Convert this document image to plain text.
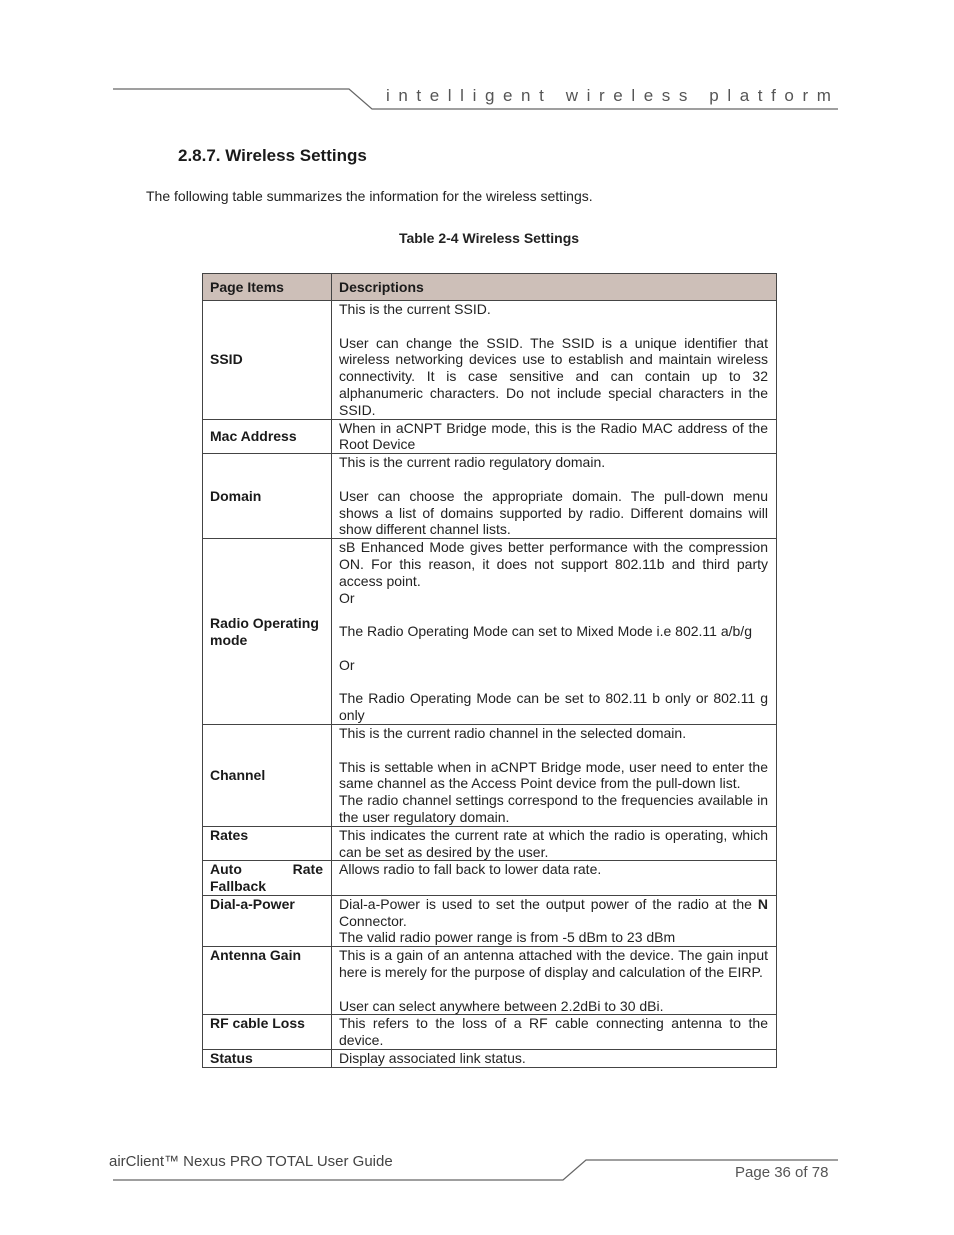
intelligent wireless platform
2.8.7. Wireless Settings
The following table summarizes the information for the wireless settings.
Table 2-4 Wireless Settings
Page Items	Descriptions
SSID	This is the current SSID.
User can change the SSID. The SSID is a unique identifier that wireless networking devices use to establish and maintain wireless connectivity. It is case sensitive and can contain up to 32 alphanumeric characters. Do not include special characters in the SSID.

Mac Address	When in aCNPT Bridge mode, this is the Radio MAC address of the Root Device

Domain	This is the current radio regulatory domain.
User can choose the appropriate domain. The pull-down menu shows a list of domains supported by radio. Different domains will show different channel lists.

Radio Operating mode	sB Enhanced Mode gives better performance with the compression ON. For this reason, it does not support 802.11b and third party access point.
Or
The Radio Operating Mode can set to Mixed Mode i.e 802.11 a/b/g
Or
The Radio Operating Mode can be set to 802.11 b only or 802.11 g only

Channel	This is the current radio channel in the selected domain.
This is settable when in aCNPT Bridge mode, user need to enter the same channel as the Access Point device from the pull-down list.
The radio channel settings correspond to the frequencies available in the user regulatory domain.

Rates	This indicates the current rate at which the radio is operating, which can be set as desired by the user.

Auto Rate Fallback	Allows radio to fall back to lower data rate.

Dial-a-Power	Dial-a-Power is used to set the output power of the radio at the N Connector.
The valid radio power range is from -5 dBm to 23 dBm

Antenna Gain	This is a gain of an antenna attached with the device. The gain input here is merely for the purpose of display and calculation of the EIRP.
User can select anywhere between 2.2dBi to 30 dBi.

RF cable Loss	This refers to the loss of a RF cable connecting antenna to the device.

Status	Display associated link status.
airClient™ Nexus PRO TOTAL User Guide
Page 36 of 78
